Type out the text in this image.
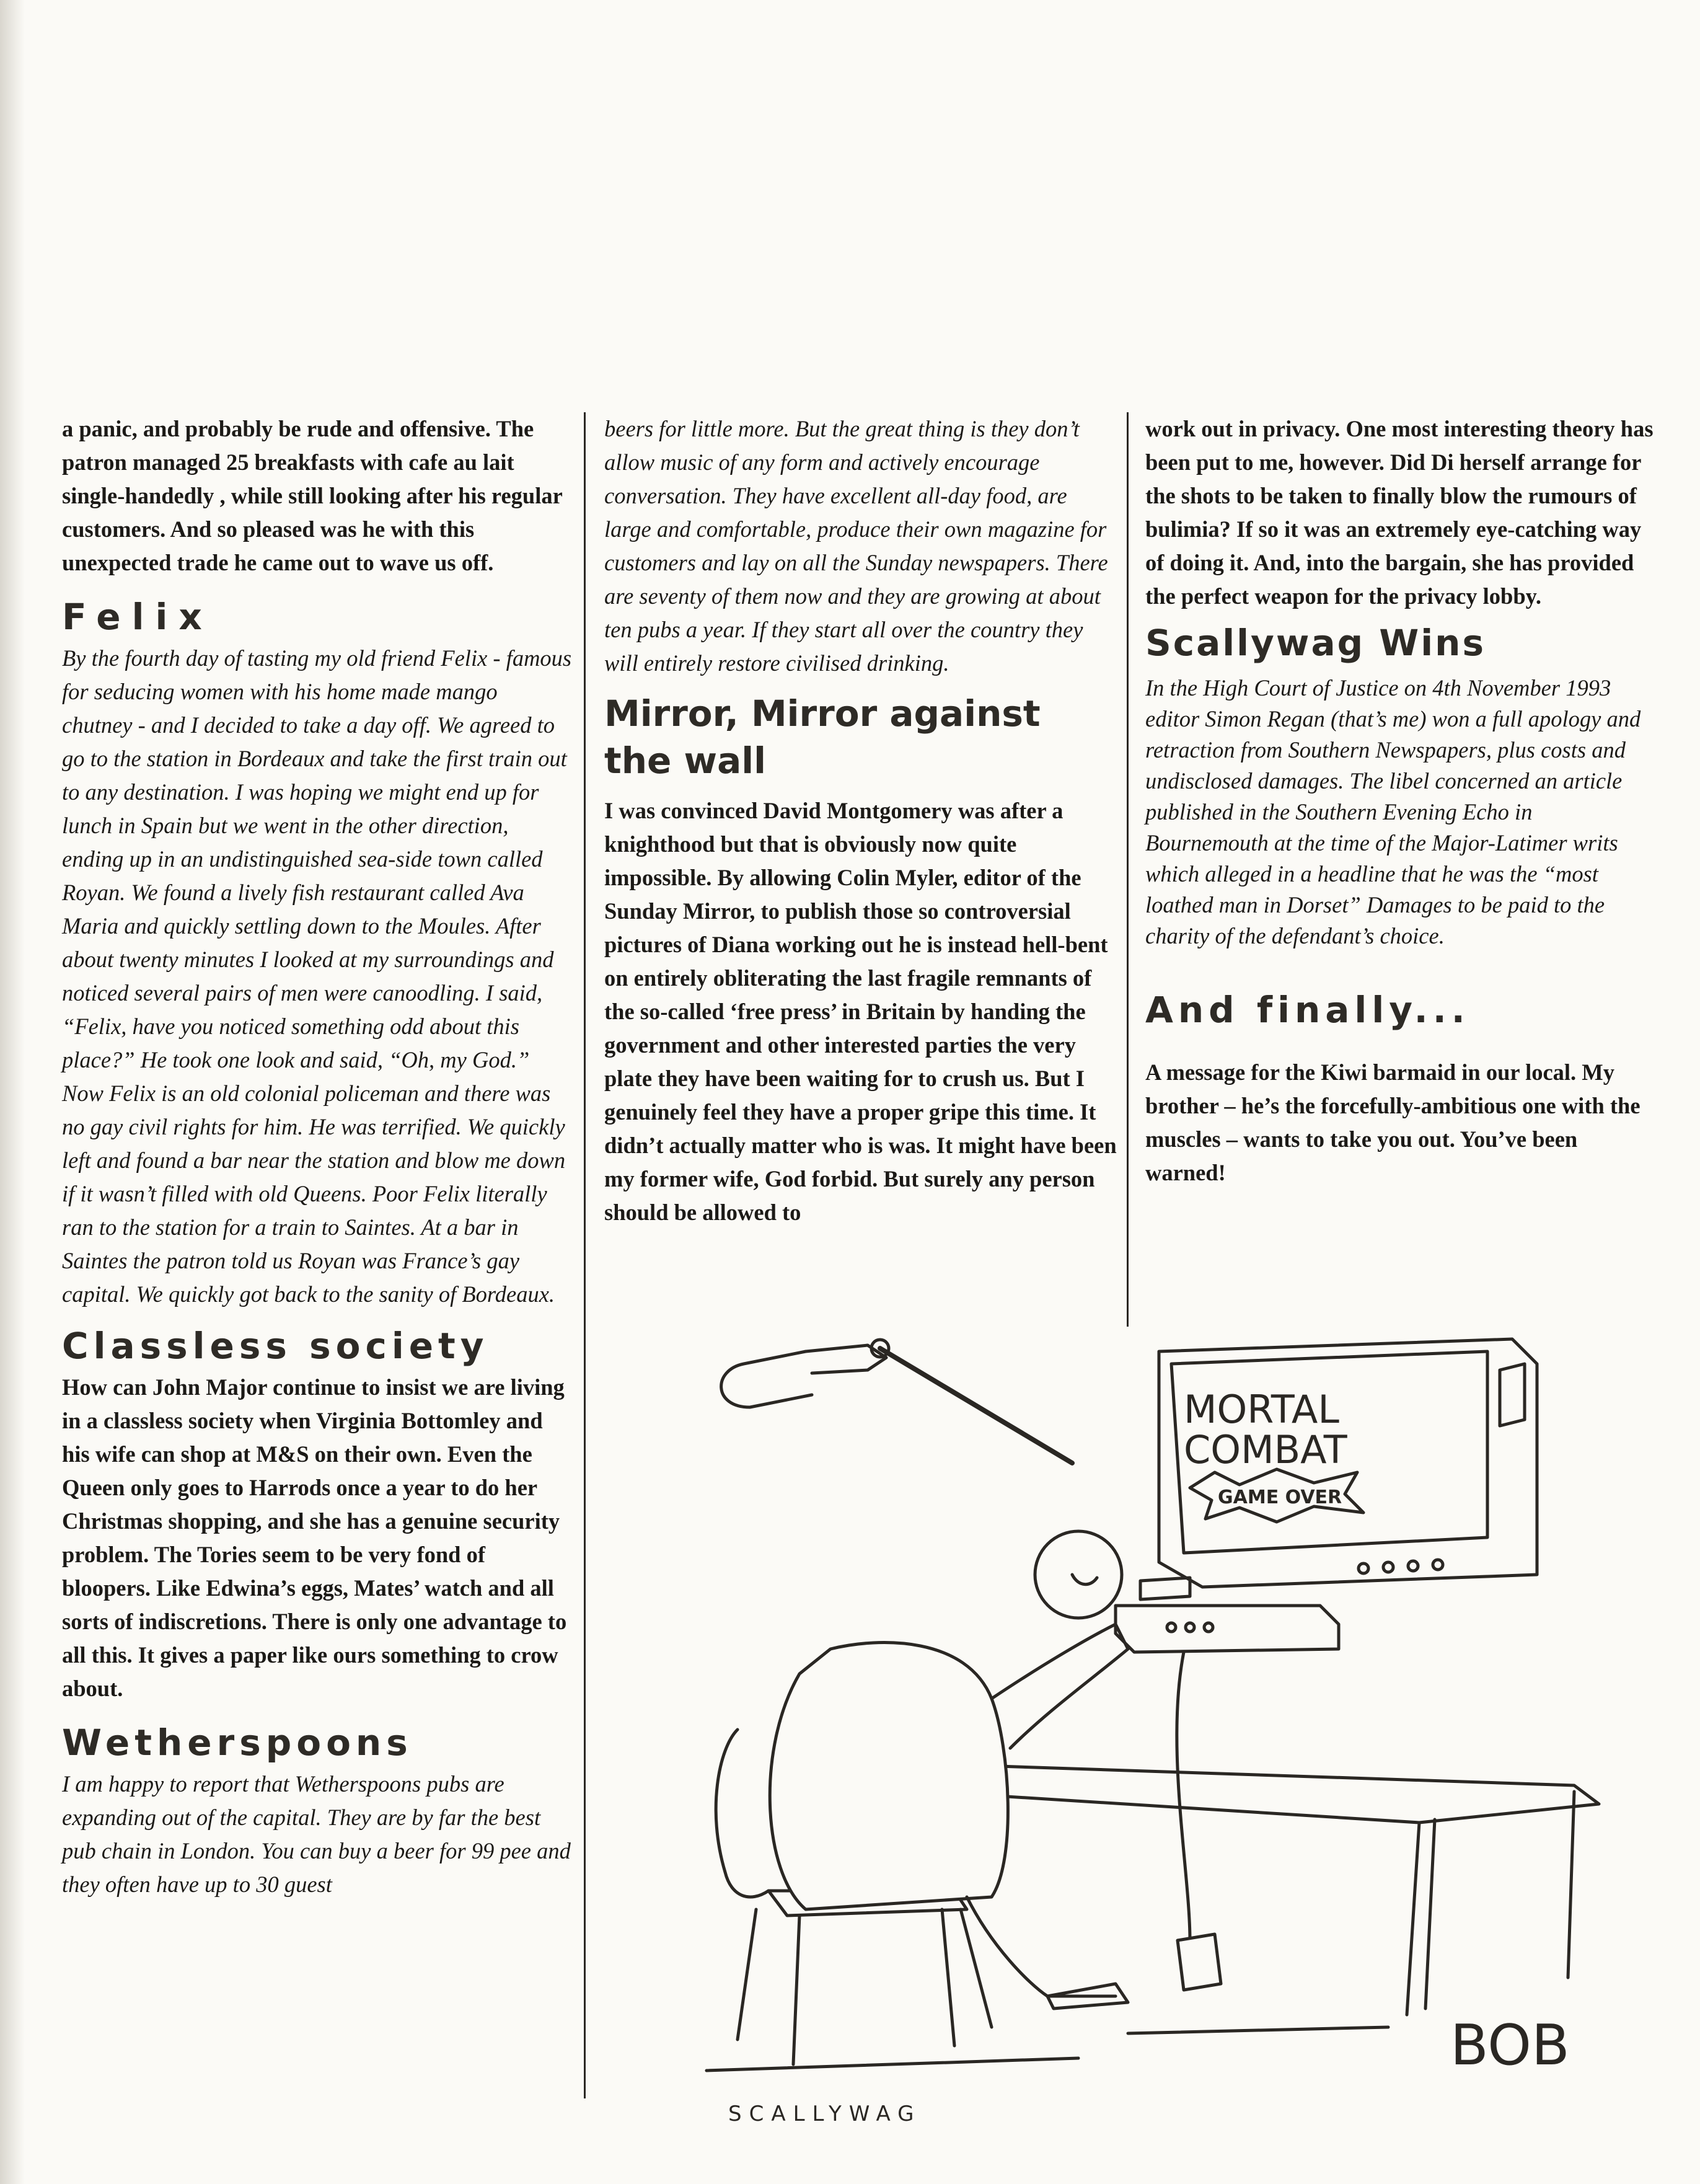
a panic, and probably be rude and offensive. The patron managed 25 breakfasts with cafe au lait single-handedly , while still looking after his regular customers. And so pleased was he with this unexpected trade he came out to wave us off.

Felix

By the fourth day of tasting my old friend Felix - famous for seducing women with his home made mango chutney - and I decided to take a day off. We agreed to go to the station in Bordeaux and take the first train out to any destination. I was hoping we might end up for lunch in Spain but we went in the other direction, ending up in an undistinguished sea-side town called Royan. We found a lively fish restaurant called Ava Maria and quickly settling down to the Moules. After about twenty minutes I looked at my surroundings and noticed several pairs of men were canoodling. I said, “Felix, have you noticed something odd about this place?” He took one look and said, “Oh, my God.”

Now Felix is an old colonial policeman and there was no gay civil rights for him. He was terrified. We quickly left and found a bar near the station and blow me down if it wasn’t filled with old Queens. Poor Felix literally ran to the station for a train to Saintes. At a bar in Saintes the patron told us Royan was France’s gay capital. We quickly got back to the sanity of Bordeaux.

Classless society

How can John Major continue to insist we are living in a classless society when Virginia Bottomley and his wife can shop at M&S on their own. Even the Queen only goes to Harrods once a year to do her Christmas shopping, and she has a genuine security problem. The Tories seem to be very fond of bloopers. Like Edwina’s eggs, Mates’ watch and all sorts of indiscretions. There is only one advantage to all this. It gives a paper like ours something to crow about.

Wetherspoons

I am happy to report that Wetherspoons pubs are expanding out of the capital. They are by far the best pub chain in London. You can buy a beer for 99 pee and they often have up to 30 guest

beers for little more. But the great thing is they don’t allow music of any form and actively encourage conversation. They have excellent all-day food, are large and comfortable, produce their own magazine for customers and lay on all the Sunday newspapers. There are seventy of them now and they are growing at about ten pubs a year. If they start all over the country they will entirely restore civilised drinking.

Mirror, Mirror against the wall

I was convinced David Montgomery was after a knighthood but that is obviously now quite impossible. By allowing Colin Myler, editor of the Sunday Mirror, to publish those so controversial pictures of Diana working out he is instead hell-bent on entirely obliterating the last fragile remnants of the so-called ‘free press’ in Britain by handing the government and other interested parties the very plate they have been waiting for to crush us. But I genuinely feel they have a proper gripe this time. It didn’t actually matter who is was. It might have been my former wife, God forbid. But surely any person should be allowed to

work out in privacy. One most interesting theory has been put to me, however. Did Di herself arrange for the shots to be taken to finally blow the rumours of bulimia? If so it was an extremely eye-catching way of doing it. And, into the bargain, she has provided the perfect weapon for the privacy lobby.

Scallywag Wins

In the High Court of Justice on 4th November 1993 editor Simon Regan (that’s me) won a full apology and retraction from Southern Newspapers, plus costs and undisclosed damages. The libel concerned an article published in the Southern Evening Echo in Bournemouth at the time of the Major-Latimer writs which alleged in a headline that he was the “most loathed man in Dorset” Damages to be paid to the charity of the defendant’s choice.

And finally...

A message for the Kiwi barmaid in our local. My brother – he’s the forcefully-ambitious one with the muscles – wants to take you out. You’ve been warned!

MORTAL
COMBAT
GAME OVER
BOB
SCALLYWAG
